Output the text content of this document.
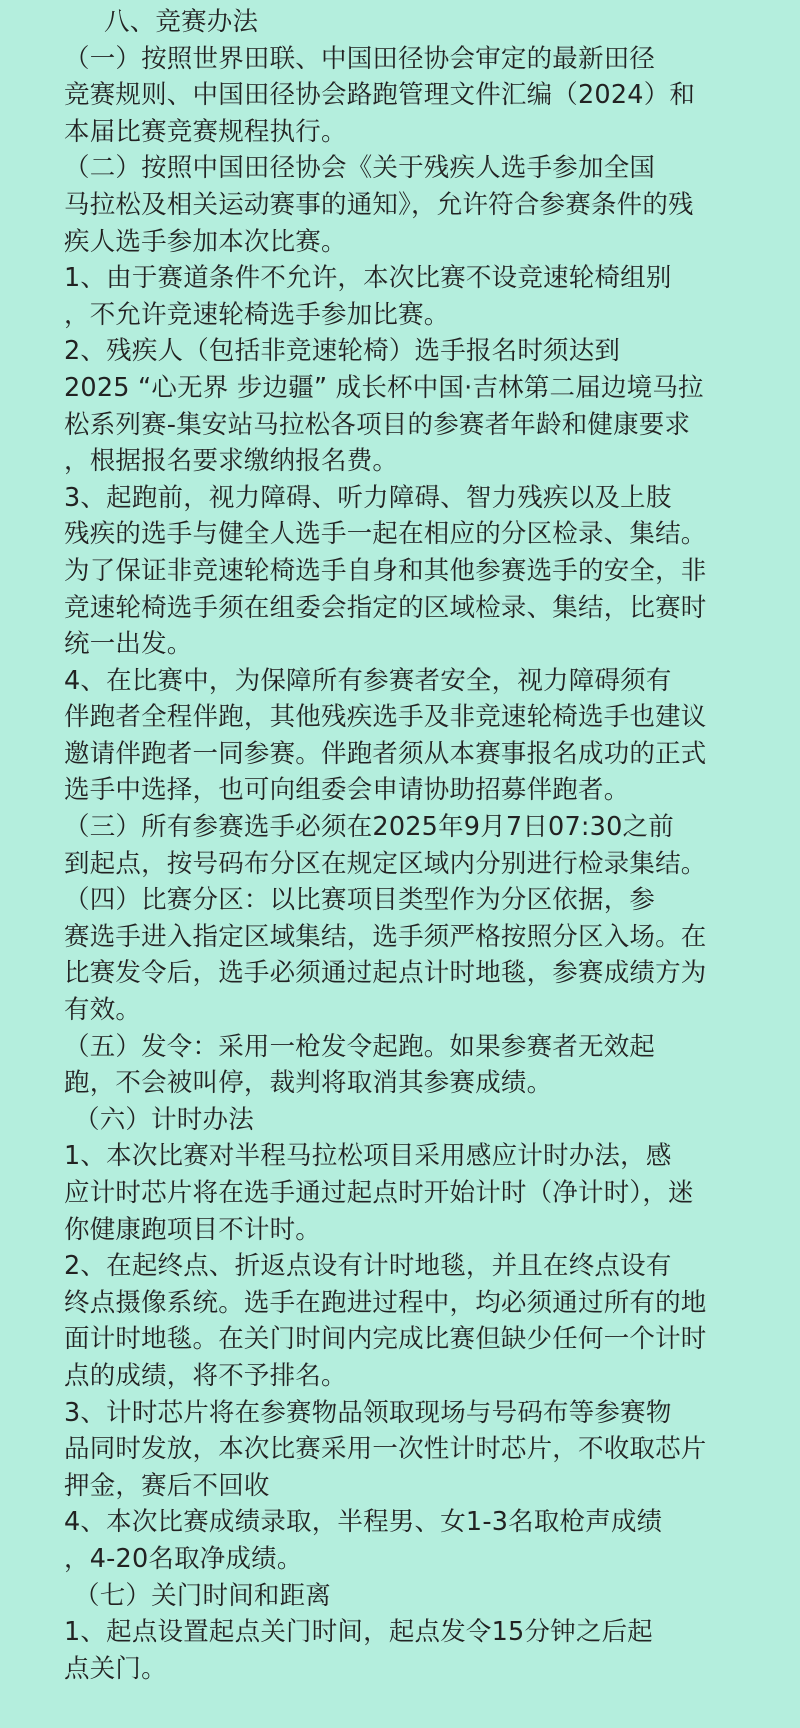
八、竞赛办法

（一）按照世界田联、中国田径协会审定的最新田径
竞赛规则、中国田径协会路跑管理文件汇编（2024）和
本届比赛竞赛规程执行。

（二）按照中国田径协会《关于残疾人选手参加全国
马拉松及相关运动赛事的通知》，允许符合参赛条件的残
疾人选手参加本次比赛。

1、由于赛道条件不允许，本次比赛不设竞速轮椅组别
，不允许竞速轮椅选手参加比赛。

2、残疾人（包括非竞速轮椅）选手报名时须达到
2025 “心无界 步边疆” 成长杯中国·吉林第二届边境马拉
松系列赛-集安站马拉松各项目的参赛者年龄和健康要求
，根据报名要求缴纳报名费。

3、起跑前，视力障碍、听力障碍、智力残疾以及上肢
残疾的选手与健全人选手一起在相应的分区检录、集结。
为了保证非竞速轮椅选手自身和其他参赛选手的安全，非
竞速轮椅选手须在组委会指定的区域检录、集结，比赛时
统一出发。

4、在比赛中，为保障所有参赛者安全，视力障碍须有
伴跑者全程伴跑，其他残疾选手及非竞速轮椅选手也建议
邀请伴跑者一同参赛。伴跑者须从本赛事报名成功的正式
选手中选择，也可向组委会申请协助招募伴跑者。

（三）所有参赛选手必须在2025年9月7日07:30之前
到起点，按号码布分区在规定区域内分别进行检录集结。

（四）比赛分区：以比赛项目类型作为分区依据，参
赛选手进入指定区域集结，选手须严格按照分区入场。在
比赛发令后，选手必须通过起点计时地毯，参赛成绩方为
有效。

（五）发令：采用一枪发令起跑。如果参赛者无效起
跑，不会被叫停，裁判将取消其参赛成绩。

（六）计时办法

1、本次比赛对半程马拉松项目采用感应计时办法，感
应计时芯片将在选手通过起点时开始计时（净计时），迷
你健康跑项目不计时。

2、在起终点、折返点设有计时地毯，并且在终点设有
终点摄像系统。选手在跑进过程中，均必须通过所有的地
面计时地毯。在关门时间内完成比赛但缺少任何一个计时
点的成绩，将不予排名。

3、计时芯片将在参赛物品领取现场与号码布等参赛物
品同时发放，本次比赛采用一次性计时芯片，不收取芯片
押金，赛后不回收

4、本次比赛成绩录取，半程男、女1-3名取枪声成绩
，4-20名取净成绩。

（七）关门时间和距离

1、起点设置起点关门时间，起点发令15分钟之后起
点关门。
